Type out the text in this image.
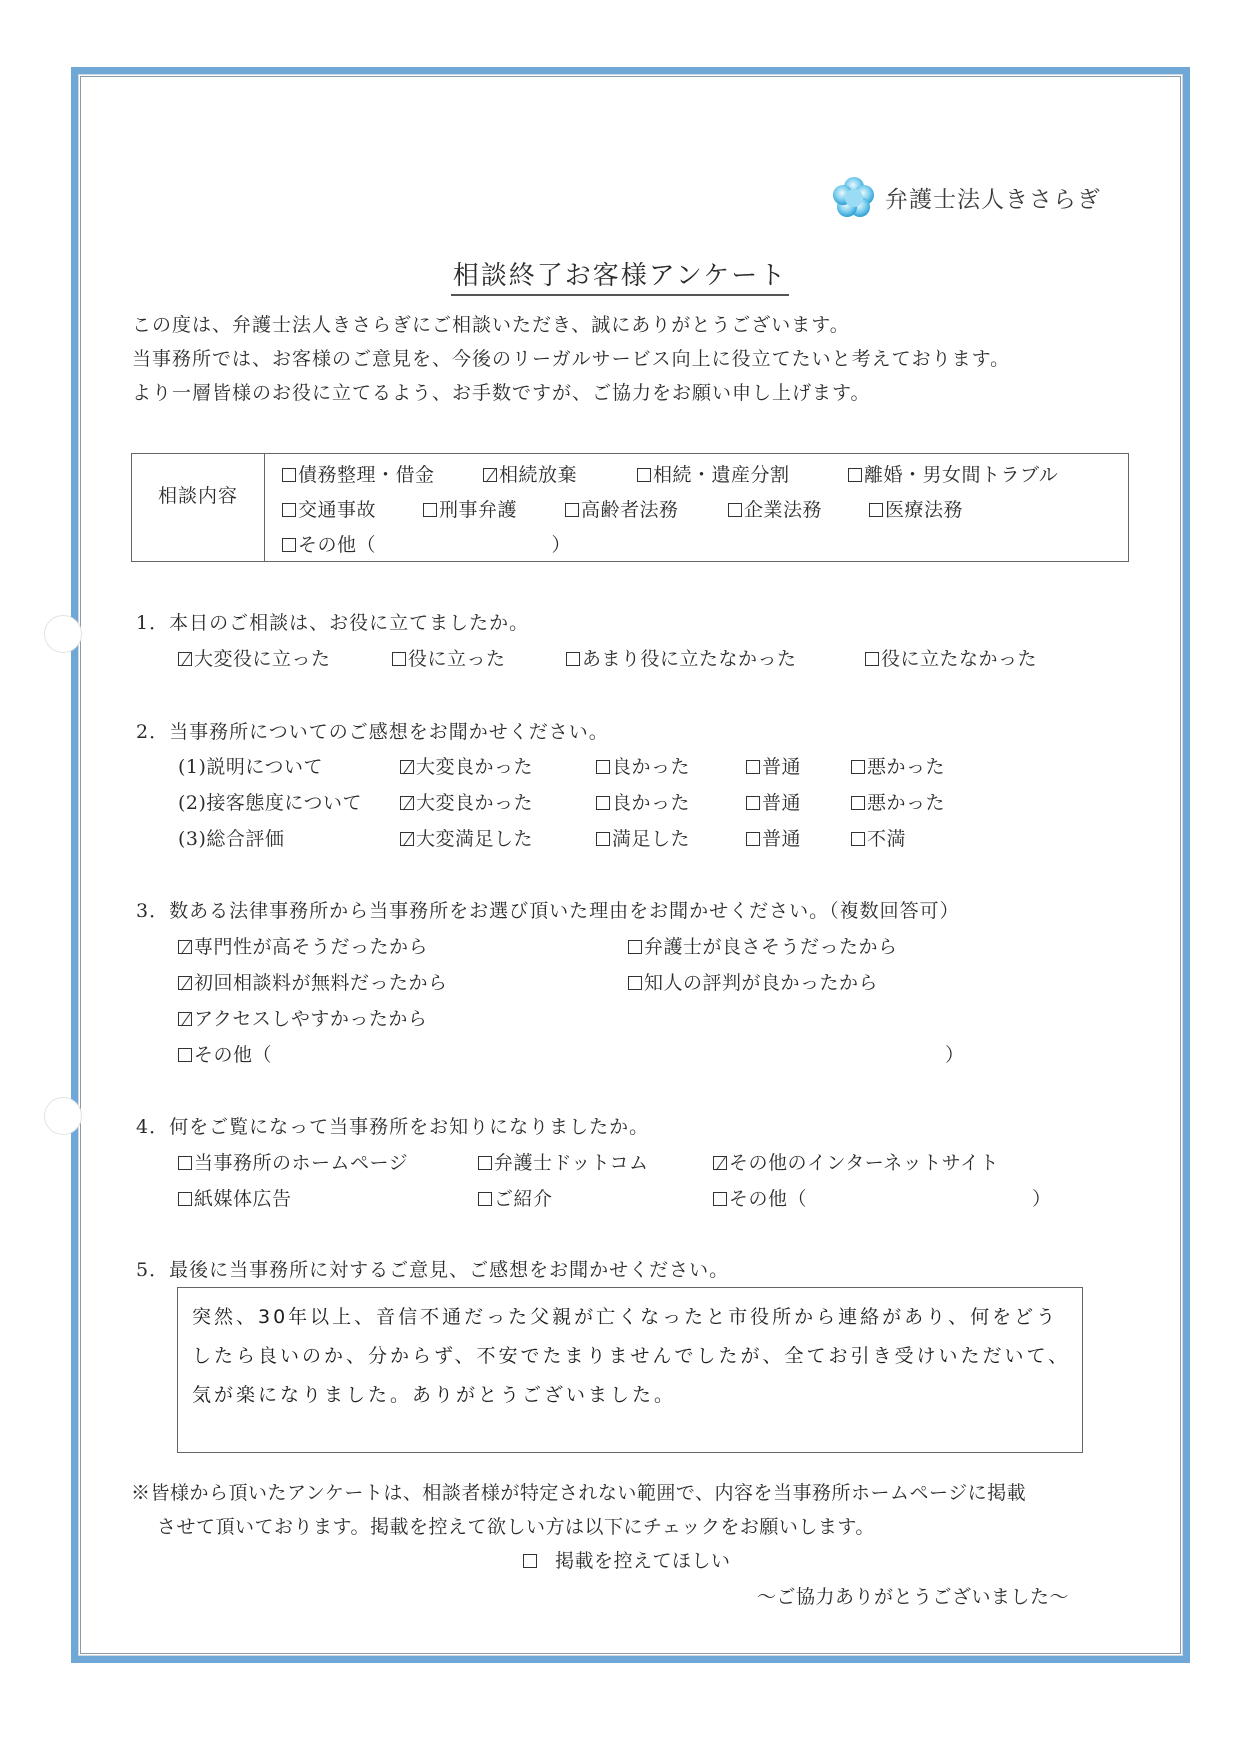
弁護士法人きさらぎ
相談終了お客様アンケート
この度は、弁護士法人きさらぎにご相談いただき、誠にありがとうございます。
当事務所では、お客様のご意見を、今後のリーガルサービス向上に役立てたいと考えております。
より一層皆様のお役に立てるよう、お手数ですが、ご協力をお願い申し上げます。
相談内容
債務整理・借金	相続放棄	相続・遺産分割	離婚・男女間トラブル
交通事故	刑事弁護	高齢者法務	企業法務	医療法務
その他（　　　　　　　　　）
1．本日のご相談は、お役に立てましたか。
大変役に立った	役に立った	あまり役に立たなかった	役に立たなかった
2．当事務所についてのご感想をお聞かせください。
(1)説明について	大変良かった	良かった	普通	悪かった
(2)接客態度について	大変良かった	良かった	普通	悪かった
(3)総合評価	大変満足した	満足した	普通	不満
3．数ある法律事務所から当事務所をお選び頂いた理由をお聞かせください。（複数回答可）
専門性が高そうだったから	弁護士が良さそうだったから
初回相談料が無料だったから	知人の評判が良かったから
アクセスしやすかったから
その他（	）
4．何をご覧になって当事務所をお知りになりましたか。
当事務所のホームページ	弁護士ドットコム	その他のインターネットサイト
紙媒体広告	ご紹介	その他（	）
5．最後に当事務所に対するご意見、ご感想をお聞かせください。
突然、30年以上、音信不通だった父親が亡くなったと市役所から連絡があり、何をどうしたら良いのか、分からず、不安でたまりませんでしたが、全てお引き受けいただいて、気が楽になりました。ありがとうございました。
※皆様から頂いたアンケートは、相談者様が特定されない範囲で、内容を当事務所ホームページに掲載
させて頂いております。掲載を控えて欲しい方は以下にチェックをお願いします。
掲載を控えてほしい
～ご協力ありがとうございました～
